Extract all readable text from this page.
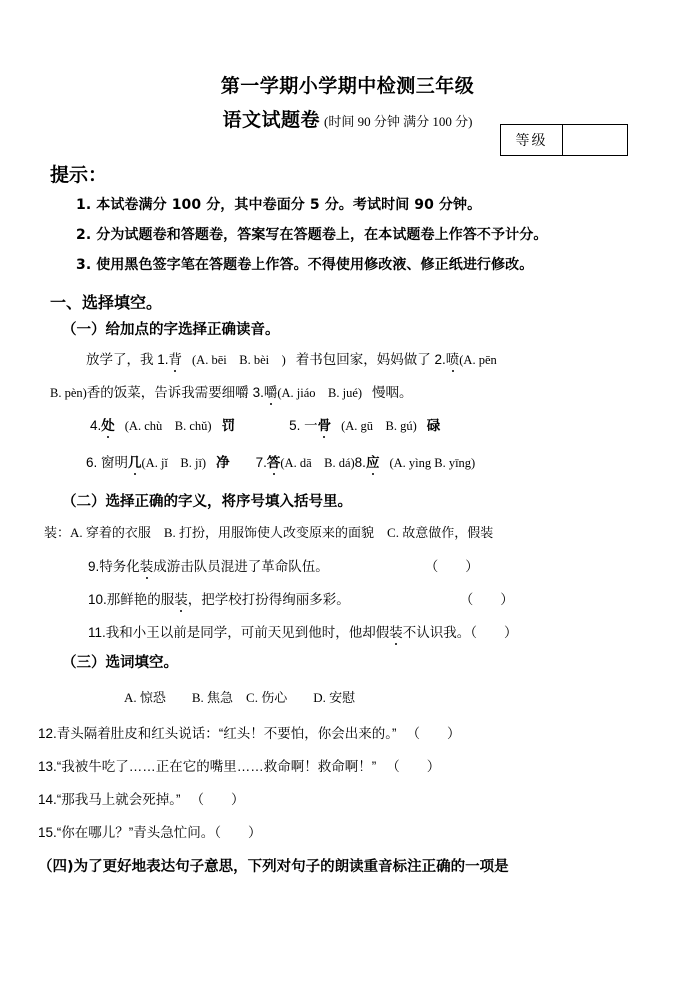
第一学期小学期中检测三年级
语文试题卷 (时间 90 分钟 满分 100 分)
等级
提示：
1. 本试卷满分 100 分，其中卷面分 5 分。考试时间 90 分钟。
2. 分为试题卷和答题卷，答案写在答题卷上，在本试题卷上作答不予计分。
3. 使用黑色签字笔在答题卷上作答。不得使用修改液、修正纸进行修改。
一、选择填空。
（一）给加点的字选择正确读音。
放学了，我 1.背 (A. bēi　B. bèi　) 着书包回家，妈妈做了 2.喷(A. pēn
B. pèn)香的饭菜，告诉我需要细嚼 3.嚼(A. jiáo　B. jué) 慢咽。
4.处 (A. chù　B. chǔ) 罚	5. 一骨 (A. gū　B. gú) 碌
6. 窗明几(A. jǐ　B. jī) 净 7.答(A. dā　B. dá)8.应 (A. yìng B. yīng)
（二）选择正确的字义，将序号填入括号里。
装：A. 穿着的衣服　B. 打扮，用服饰使人改变原来的面貌　C. 故意做作，假装
9.特务化装成游击队员混进了革命队伍。	（　　）
10.那鲜艳的服装，把学校打扮得绚丽多彩。	（　　）
11.我和小王以前是同学，可前天见到他时，他却假装不认识我。（　　）
（三）选词填空。
A. 惊恐　　B. 焦急　C. 伤心　　D. 安慰
12.青头隔着肚皮和红头说话：“红头！不要怕，你会出来的。” （　　）
13.“我被牛吃了……正在它的嘴里……救命啊！救命啊！” （　　）
14.“那我马上就会死掉。” （　　）
15.“你在哪儿？”青头急忙问。（　　）
（四)为了更好地表达句子意思，下列对句子的朗读重音标注正确的一项是
